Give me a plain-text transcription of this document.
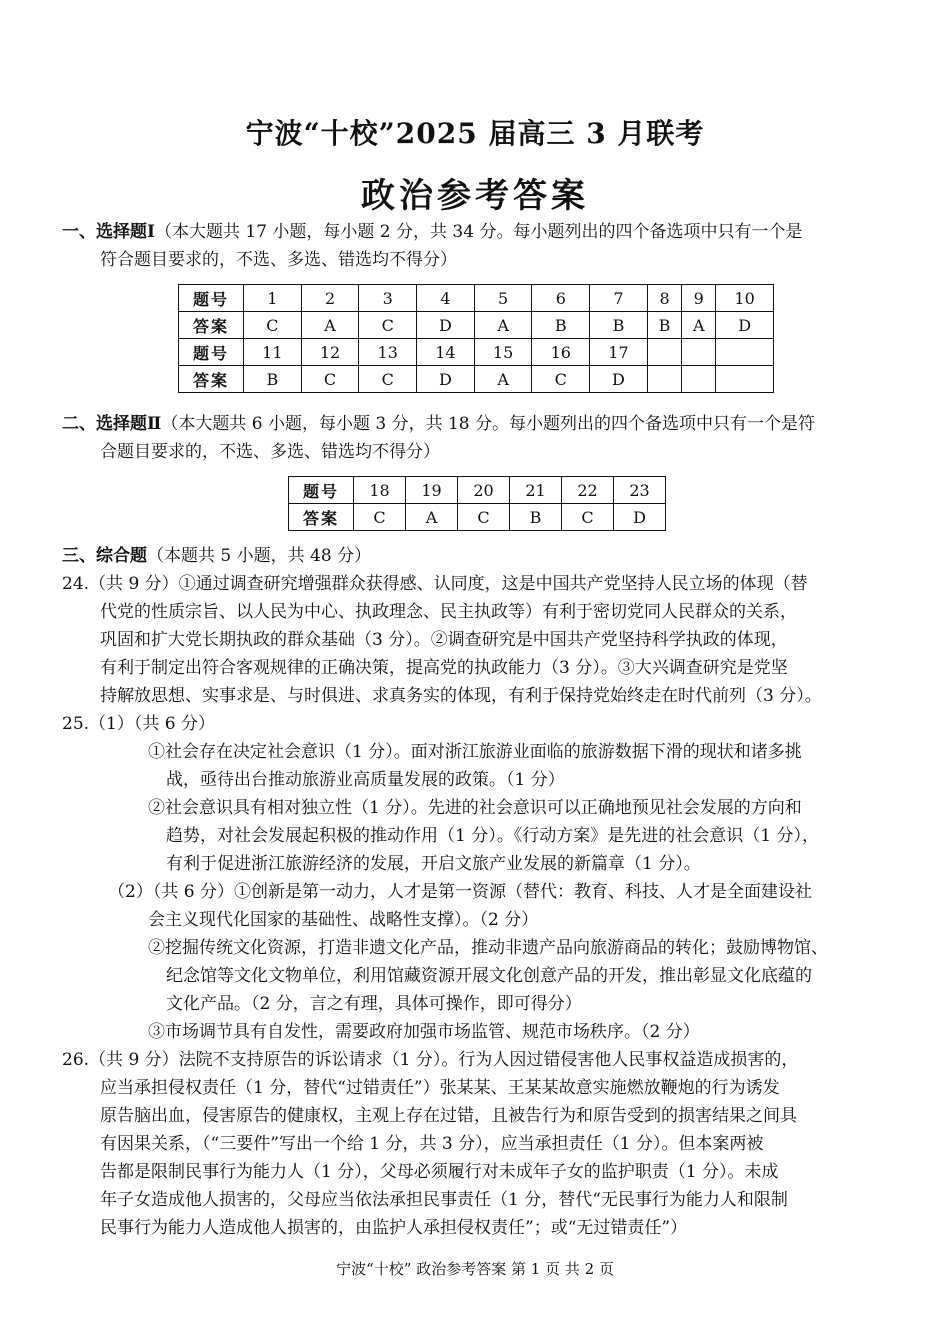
宁波“十校”2025 届高三 3 月联考
政治参考答案
一、选择题Ⅰ（本大题共 17 小题，每小题 2 分，共 34 分。每小题列出的四个备选项中只有一个是
符合题目要求的，不选、多选、错选均不得分）
题号	1	2	3	4	5	6	7	8	9	10
答案	C	A	C	D	A	B	B	B	A	D
题号	11	12	13	14	15	16	17			
答案	B	C	C	D	A	C	D			
二、选择题Ⅱ（本大题共 6 小题，每小题 3 分，共 18 分。每小题列出的四个备选项中只有一个是符
合题目要求的，不选、多选、错选均不得分）
题号	18	19	20	21	22	23
答案	C	A	C	B	C	D
三、综合题（本题共 5 小题，共 48 分）
24.（共 9 分）①通过调查研究增强群众获得感、认同度，这是中国共产党坚持人民立场的体现（替
代党的性质宗旨、以人民为中心、执政理念、民主执政等）有利于密切党同人民群众的关系，
巩固和扩大党长期执政的群众基础（3 分）。②调查研究是中国共产党坚持科学执政的体现，
有利于制定出符合客观规律的正确决策，提高党的执政能力（3 分）。③大兴调查研究是党坚
持解放思想、实事求是、与时俱进、求真务实的体现，有利于保持党始终走在时代前列（3 分）。
25.（1）（共 6 分）
①社会存在决定社会意识（1 分）。面对浙江旅游业面临的旅游数据下滑的现状和诸多挑
战，亟待出台推动旅游业高质量发展的政策。（1 分）
②社会意识具有相对独立性（1 分）。先进的社会意识可以正确地预见社会发展的方向和
趋势，对社会发展起积极的推动作用（1 分）。《行动方案》是先进的社会意识（1 分），
有利于促进浙江旅游经济的发展，开启文旅产业发展的新篇章（1 分）。
（2）（共 6 分）①创新是第一动力，人才是第一资源（替代：教育、科技、人才是全面建设社
会主义现代化国家的基础性、战略性支撑）。（2 分）
②挖掘传统文化资源，打造非遗文化产品，推动非遗产品向旅游商品的转化；鼓励博物馆、
纪念馆等文化文物单位，利用馆藏资源开展文化创意产品的开发，推出彰显文化底蕴的
文化产品。（2 分，言之有理，具体可操作，即可得分）
③市场调节具有自发性，需要政府加强市场监管、规范市场秩序。（2 分）
26.（共 9 分）法院不支持原告的诉讼请求（1 分）。行为人因过错侵害他人民事权益造成损害的，
应当承担侵权责任（1 分，替代“过错责任”）张某某、王某某故意实施燃放鞭炮的行为诱发
原告脑出血，侵害原告的健康权，主观上存在过错，且被告行为和原告受到的损害结果之间具
有因果关系，（“三要件”写出一个给 1 分，共 3 分），应当承担责任（1 分）。但本案两被
告都是限制民事行为能力人（1 分），父母必须履行对未成年子女的监护职责（1 分）。未成
年子女造成他人损害的，父母应当依法承担民事责任（1 分，替代“无民事行为能力人和限制
民事行为能力人造成他人损害的，由监护人承担侵权责任”；或“无过错责任”）
宁波“十校” 政治参考答案 第 1 页 共 2 页
